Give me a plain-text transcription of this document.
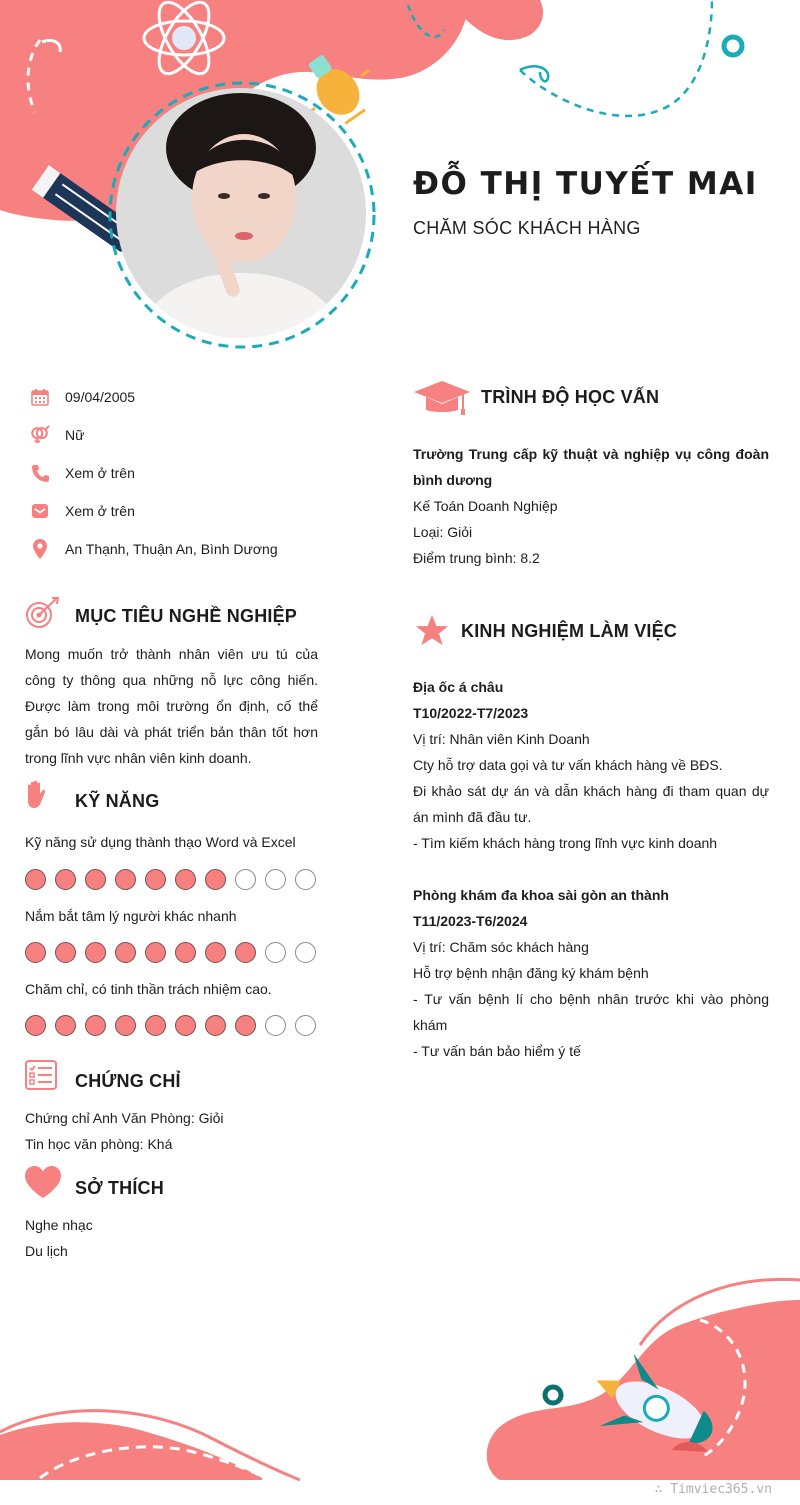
ĐỖ THỊ TUYẾT MAI
CHĂM SÓC KHÁCH HÀNG
09/04/2005
Nữ
Xem ở trên
Xem ở trên
An Thạnh, Thuận An, Bình Dương
MỤC TIÊU NGHỀ NGHIỆP
Mong muốn trở thành nhân viên ưu tú của công ty thông qua những nỗ lực công hiến. Được làm trong môi trường ổn định, cố thể gắn bó lâu dài và phát triển bản thân tốt hơn trong lĩnh vực nhân viên kinh doanh.
KỸ NĂNG
Kỹ năng sử dụng thành thạo Word và Excel
Nắm bắt tâm lý người khác nhanh
Chăm chỉ, có tinh thần trách nhiệm cao.
CHỨNG CHỈ
Chứng chỉ Anh Văn Phòng: Giỏi
Tin học văn phòng: Khá
SỞ THÍCH
Nghe nhạc
Du lịch
TRÌNH ĐỘ HỌC VẤN
Trường Trung cấp kỹ thuật và nghiệp vụ công đoàn bình dương
Kế Toán Doanh Nghiệp
Loại: Giỏi
Điểm trung bình: 8.2
KINH NGHIỆM LÀM VIỆC
Địa ốc á châu
T10/2022-T7/2023
Vị trí: Nhân viên Kinh Doanh
Cty hỗ trợ data gọi và tư vấn khách hàng về BĐS.
Đi khảo sát dự án và dẫn khách hàng đi tham quan dự án mình đã đầu tư.
- Tìm kiếm khách hàng trong lĩnh vực kinh doanh
Phòng khám đa khoa sài gòn an thành
T11/2023-T6/2024
Vị trí: Chăm sóc khách hàng
Hỗ trợ bệnh nhận đăng ký khám bệnh
- Tư vấn bệnh lí cho bệnh nhân trước khi vào phòng khám
- Tư vấn bán bảo hiểm ý tế
∴ Timviec365.vn
